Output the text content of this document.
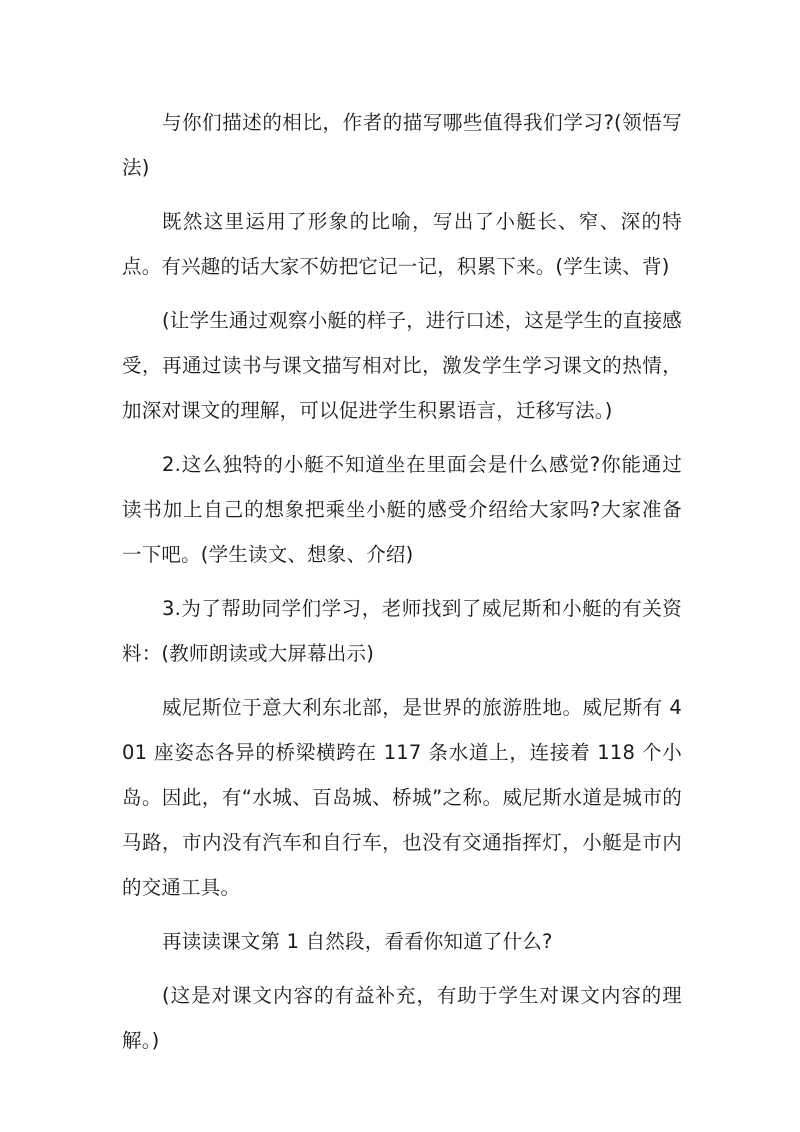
与你们描述的相比，作者的描写哪些值得我们学习?(领悟写法)

既然这里运用了形象的比喻，写出了小艇长、窄、深的特点。有兴趣的话大家不妨把它记一记，积累下来。(学生读、背)

(让学生通过观察小艇的样子，进行口述，这是学生的直接感受，再通过读书与课文描写相对比，激发学生学习课文的热情，加深对课文的理解，可以促进学生积累语言，迁移写法。)

2.这么独特的小艇不知道坐在里面会是什么感觉?你能通过读书加上自己的想象把乘坐小艇的感受介绍给大家吗?大家准备一下吧。(学生读文、想象、介绍)

3.为了帮助同学们学习，老师找到了威尼斯和小艇的有关资料：(教师朗读或大屏幕出示)

威尼斯位于意大利东北部，是世界的旅游胜地。威尼斯有 401 座姿态各异的桥梁横跨在 117 条水道上，连接着 118 个小岛。因此，有“水城、百岛城、桥城”之称。威尼斯水道是城市的马路，市内没有汽车和自行车，也没有交通指挥灯，小艇是市内的交通工具。

再读读课文第 1 自然段，看看你知道了什么?

(这是对课文内容的有益补充，有助于学生对课文内容的理解。)
